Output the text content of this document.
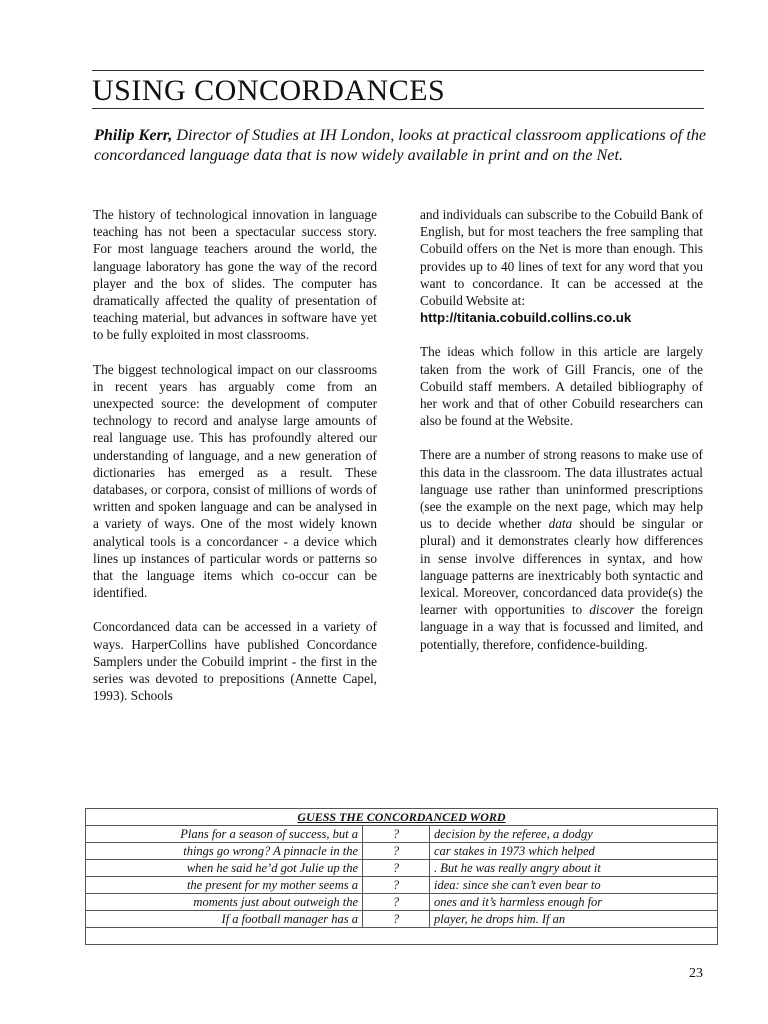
USING CONCORDANCES
Philip Kerr, Director of Studies at IH London, looks at practical classroom applications of the concordanced language data that is now widely available in print and on the Net.

The history of technological innovation in language teaching has not been a spectacular success story. For most language teachers around the world, the language laboratory has gone the way of the record player and the box of slides. The computer has dramatically affected the quality of presentation of teaching material, but advances in software have yet to be fully exploited in most classrooms.

The biggest technological impact on our classrooms in recent years has arguably come from an unexpected source: the development of computer technology to record and analyse large amounts of real language use. This has profoundly altered our understanding of language, and a new generation of dictionaries has emerged as a result. These databases, or corpora, consist of millions of words of written and spoken language and can be analysed in a variety of ways. One of the most widely known analytical tools is a concordancer - a device which lines up instances of particular words or patterns so that the language items which co-occur can be identified.

Concordanced data can be accessed in a variety of ways. HarperCollins have published Concordance Samplers under the Cobuild imprint - the first in the series was devoted to prepositions (Annette Capel, 1993). Schools

and individuals can subscribe to the Cobuild Bank of English, but for most teachers the free sampling that Cobuild offers on the Net is more than enough. This provides up to 40 lines of text for any word that you want to concordance. It can be accessed at the Cobuild Website at:
http://titania.cobuild.collins.co.uk

The ideas which follow in this article are largely taken from the work of Gill Francis, one of the Cobuild staff members. A detailed bibliography of her work and that of other Cobuild researchers can also be found at the Website.

There are a number of strong reasons to make use of this data in the classroom. The data illustrates actual language use rather than uninformed prescriptions (see the example on the next page, which may help us to decide whether data should be singular or plural) and it demonstrates clearly how differences in sense involve differences in syntax, and how language patterns are inextricably both syntactic and lexical. Moreover, concordanced data provide(s) the learner with opportunities to discover the foreign language in a way that is focussed and limited, and potentially, therefore, confidence-building.

GUESS THE CONCORDANCED WORD		
Plans for a season of success, but a	?	decision by the referee, a dodgy
things go wrong? A pinnacle in the	?	car stakes in 1973 which helped
when he said he’d got Julie up the	?	. But he was really angry about it
the present for my mother seems a	?	idea: since she can’t even bear to
moments just about outweigh the	?	ones and it’s harmless enough for
If a football manager has a	?	player, he drops him. If an

23
